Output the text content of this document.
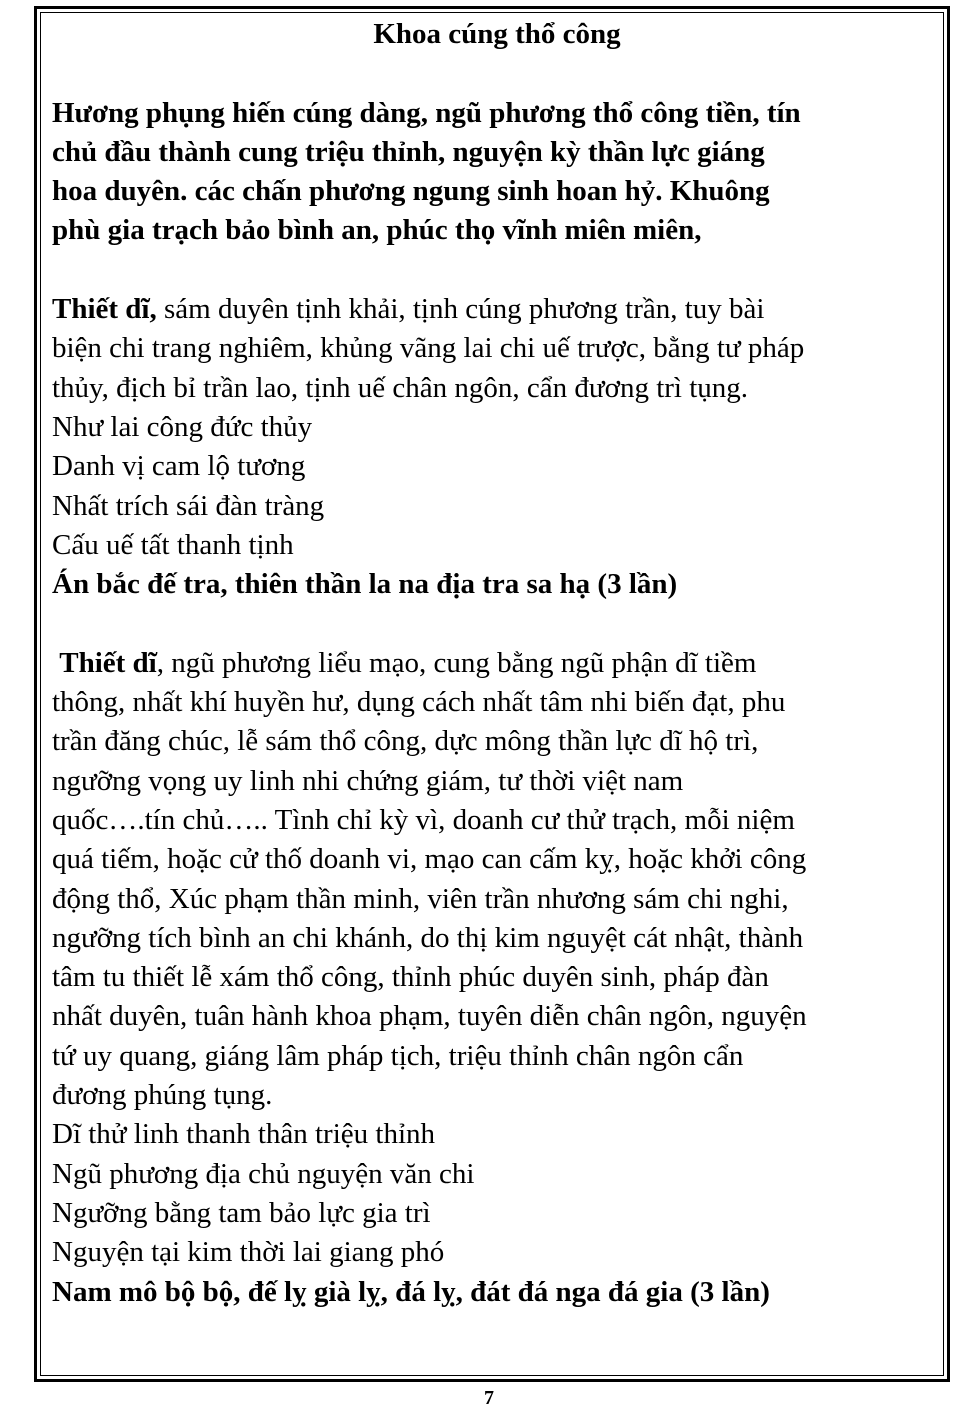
Khoa cúng thổ công

Hương phụng hiến cúng dàng, ngũ phương thổ công tiền, tín
chủ đầu thành cung triệu thỉnh, nguyện kỳ thần lực giáng
hoa duyên. các chấn phương ngung sinh hoan hỷ. Khuông
phù gia trạch bảo bình an, phúc thọ vĩnh miên miên,

Thiết dĩ, sám duyên tịnh khải, tịnh cúng phương trần, tuy bài
biện chi trang nghiêm, khủng vãng lai chi uế trược, bằng tư pháp
thủy, địch bỉ trần lao, tịnh uế chân ngôn, cẩn đương trì tụng.
Như lai công đức thủy
Danh vị cam lộ tương
Nhất trích sái đàn tràng
Cấu uế tất thanh tịnh
Án bắc đế tra, thiên thần la na địa tra sa hạ (3 lần)

Thiết dĩ, ngũ phương liểu mạo, cung bằng ngũ phận dĩ tiềm
thông, nhất khí huyền hư, dụng cách nhất tâm nhi biến đạt, phu
trần đăng chúc, lễ sám thổ công, dực mông thần lực dĩ hộ trì,
ngưỡng vọng uy linh nhi chứng giám, tư thời việt nam
quốc….tín chủ….. Tình chỉ kỳ vì, doanh cư thử trạch, mỗi niệm
quá tiếm, hoặc cử thố doanh vi, mạo can cấm kỵ, hoặc khởi công
động thổ, Xúc phạm thần minh, viên trần nhương sám chi nghi,
ngưỡng tích bình an chi khánh, do thị kim nguyệt cát nhật, thành
tâm tu thiết lễ xám thổ công, thỉnh phúc duyên sinh, pháp đàn
nhất duyên, tuân hành khoa phạm, tuyên diễn chân ngôn, nguyện
tứ uy quang, giáng lâm pháp tịch, triệu thỉnh chân ngôn cẩn
đương phúng tụng.
Dĩ thử linh thanh thân triệu thỉnh
Ngũ phương địa chủ nguyện văn chi
Ngưỡng bằng tam bảo lực gia trì
Nguyện tại kim thời lai giang phó
Nam mô bộ bộ, đế lỵ già lỵ, đá lỵ, đát đá nga đá gia (3 lần)

7
